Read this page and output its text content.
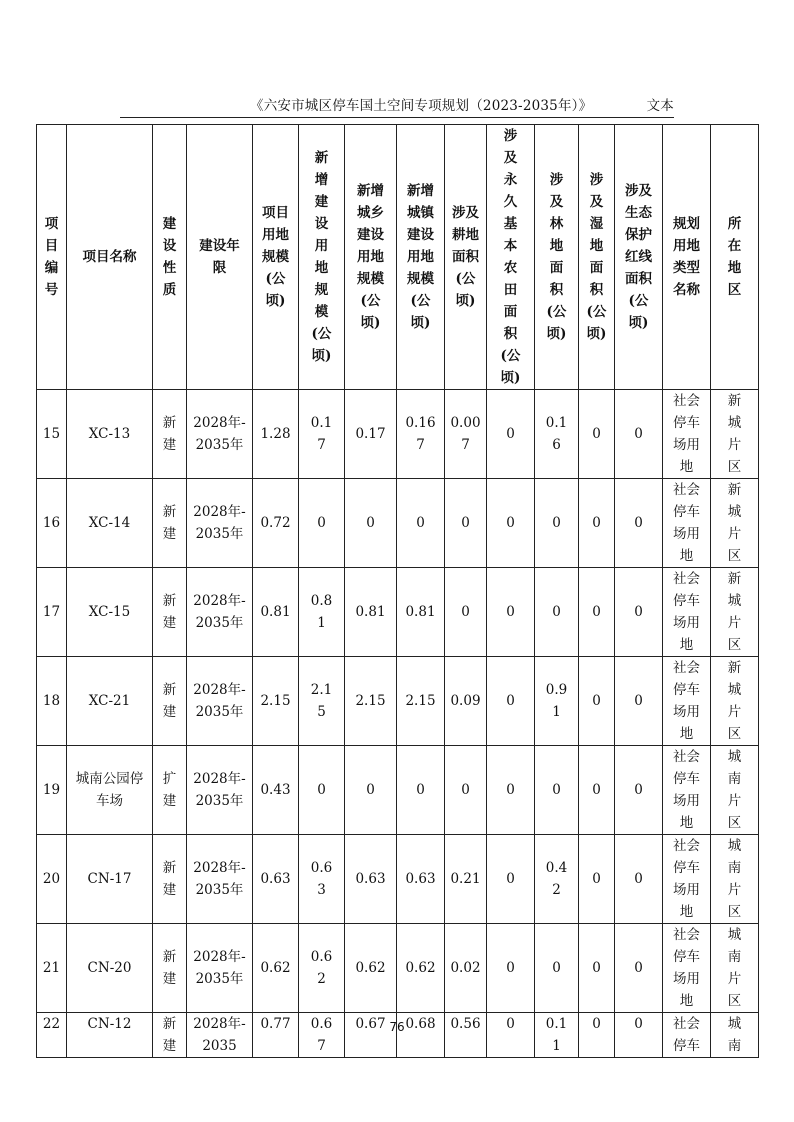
《六安市城区停车国土空间专项规划（2023-2035年）》	文本
项目编号	项目名称	建设性质	建设年限	项目用地规模(公顷)	新增建设用地规模(公顷)	新增城乡建设用地规模(公顷)	新增城镇建设用地规模(公顷)	涉及耕地面积(公顷)	涉及永久基本农田面积(公顷)	涉及林地面积(公顷)	涉及湿地面积(公顷)	涉及生态保护红线面积(公顷)	规划用地类型名称	所在地区
15	XC-13	新建	2028年-2035年	1.28	0.17	0.17	0.167	0.007	0	0.16	0	0	社会停车场用地	新城片区
16	XC-14	新建	2028年-2035年	0.72	0	0	0	0	0	0	0	0	社会停车场用地	新城片区
17	XC-15	新建	2028年-2035年	0.81	0.81	0.81	0.81	0	0	0	0	0	社会停车场用地	新城片区
18	XC-21	新建	2028年-2035年	2.15	2.15	2.15	2.15	0.09	0	0.91	0	0	社会停车场用地	新城片区
19	城南公园停车场	扩建	2028年-2035年	0.43	0	0	0	0	0	0	0	0	社会停车场用地	城南片区
20	CN-17	新建	2028年-2035年	0.63	0.63	0.63	0.63	0.21	0	0.42	0	0	社会停车场用地	城南片区
21	CN-20	新建	2028年-2035年	0.62	0.62	0.62	0.62	0.02	0	0	0	0	社会停车场用地	城南片区
22	CN-12	新建	2028年-2035	0.77	0.67	0.67	0.68	0.56	0	0.11	0	0	社会停车	城南
76
